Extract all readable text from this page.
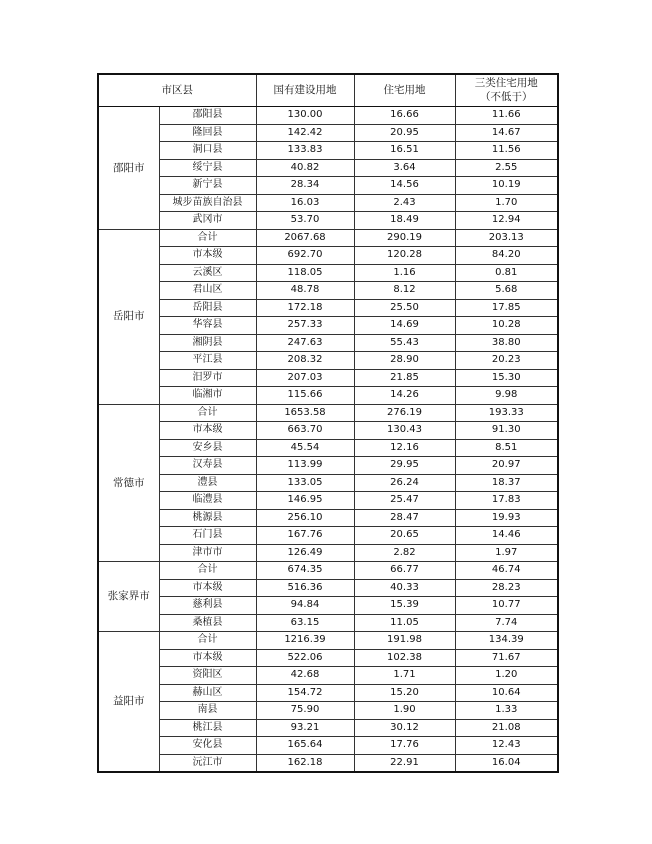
市区县		国有建设用地	住宅用地	三类住宅用地
（不低于）

邵阳市	邵阳县	130.00	16.66	11.66
	隆回县	142.42	20.95	14.67
	洞口县	133.83	16.51	11.56
	绥宁县	40.82	3.64	2.55
	新宁县	28.34	14.56	10.19
	城步苗族自治县	16.03	2.43	1.70
	武冈市	53.70	18.49	12.94
岳阳市	合计	2067.68	290.19	203.13
	市本级	692.70	120.28	84.20
	云溪区	118.05	1.16	0.81
	君山区	48.78	8.12	5.68
	岳阳县	172.18	25.50	17.85
	华容县	257.33	14.69	10.28
	湘阴县	247.63	55.43	38.80
	平江县	208.32	28.90	20.23
	汨罗市	207.03	21.85	15.30
	临湘市	115.66	14.26	9.98
常德市	合计	1653.58	276.19	193.33
	市本级	663.70	130.43	91.30
	安乡县	45.54	12.16	8.51
	汉寿县	113.99	29.95	20.97
	澧县	133.05	26.24	18.37
	临澧县	146.95	25.47	17.83
	桃源县	256.10	28.47	19.93
	石门县	167.76	20.65	14.46
	津市市	126.49	2.82	1.97
张家界市	合计	674.35	66.77	46.74
	市本级	516.36	40.33	28.23
	慈利县	94.84	15.39	10.77
	桑植县	63.15	11.05	7.74
益阳市	合计	1216.39	191.98	134.39
	市本级	522.06	102.38	71.67
	资阳区	42.68	1.71	1.20
	赫山区	154.72	15.20	10.64
	南县	75.90	1.90	1.33
	桃江县	93.21	30.12	21.08
	安化县	165.64	17.76	12.43
	沅江市	162.18	22.91	16.04
